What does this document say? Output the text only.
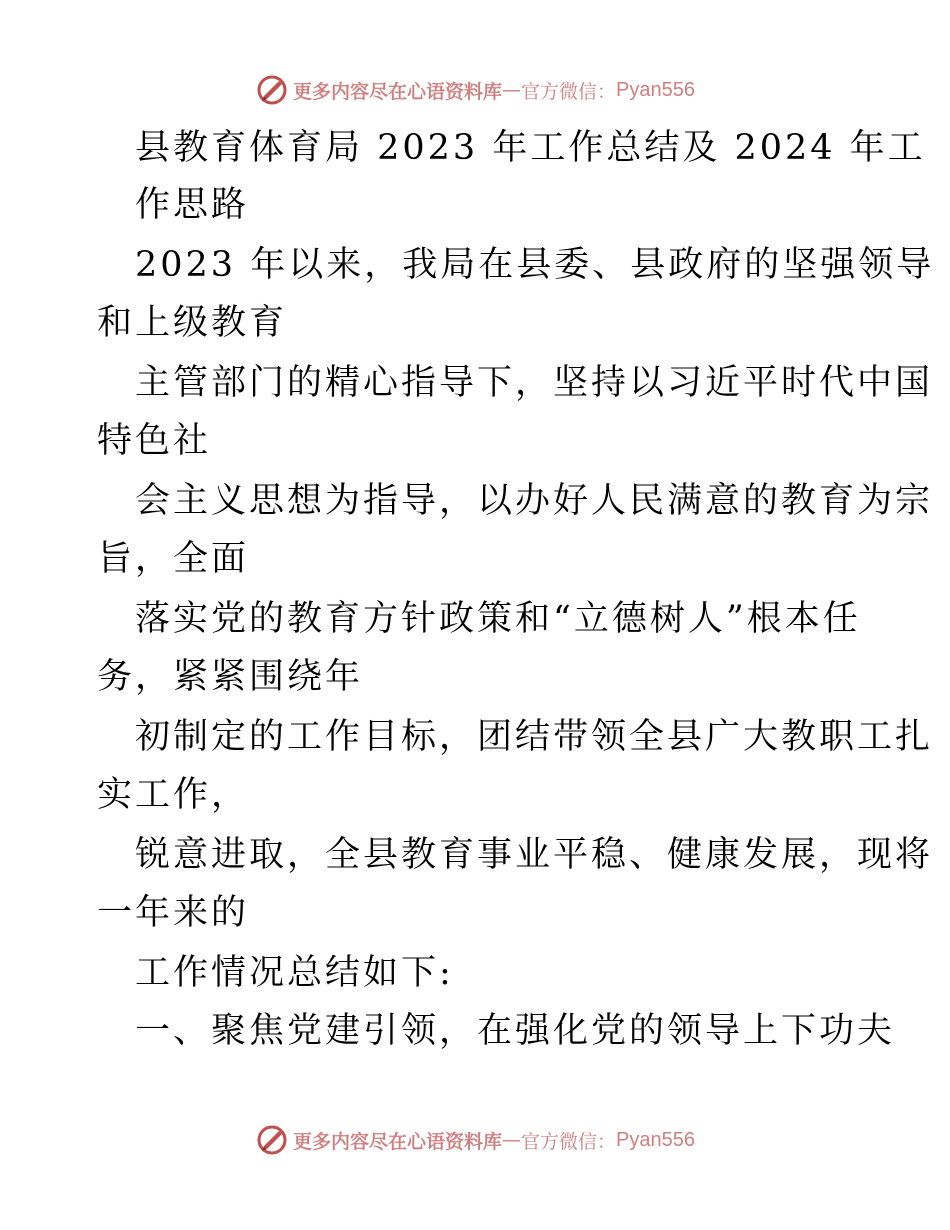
更多内容尽在心语资料库 — 官方微信： Pyan556
县教育体育局 2023 年工作总结及 2024 年工
作思路
2023 年以来，我局在县委、县政府的坚强领导
和上级教育
主管部门的精心指导下，坚持以习近平时代中国
特色社
会主义思想为指导，以办好人民满意的教育为宗
旨，全面
落实党的教育方针政策和“立德树人”根本任
务，紧紧围绕年
初制定的工作目标，团结带领全县广大教职工扎
实工作，
锐意进取，全县教育事业平稳、健康发展，现将
一年来的
工作情况总结如下:
一、聚焦党建引领，在强化党的领导上下功夫
更多内容尽在心语资料库 — 官方微信： Pyan556
